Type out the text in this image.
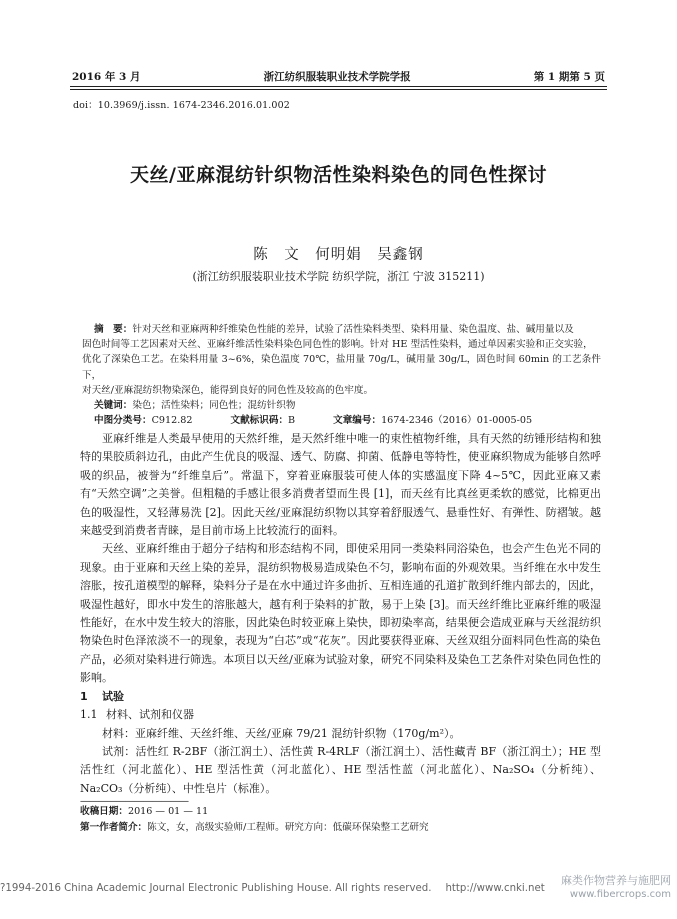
2016 年 3 月	浙江纺织服装职业技术学院学报	第 1 期第 5 页
doi：10.3969/j.issn. 1674-2346.2016.01.002
天丝/亚麻混纺针织物活性染料染色的同色性探讨
陈　文　何明娟　吴鑫钢
(浙江纺织服装职业技术学院 纺织学院，浙江 宁波 315211)

摘　要：针对天丝和亚麻两种纤维染色性能的差异，试验了活性染料类型、染料用量、染色温度、盐、碱用量以及

固色时间等工艺因素对天丝、亚麻纤维活性染料染色同色性的影响。针对 HE 型活性染料，通过单因素实验和正交实验，

优化了深染色工艺。在染料用量 3~6%，染色温度 70℃，盐用量 70g/L，碱用量 30g/L，固色时间 60min 的工艺条件下，

对天丝/亚麻混纺织物染深色，能得到良好的同色性及较高的色牢度。

关键词：染色；活性染料；同色性；混纺针织物

中图分类号：C912.82	文献标识码：B	文章编号：1674-2346（2016）01-0005-05

亚麻纤维是人类最早使用的天然纤维，是天然纤维中唯一的束性植物纤维，具有天然的纺锤形结构和独特的果胶质斜边孔，由此产生优良的吸湿、透气、防腐、抑菌、低静电等特性，使亚麻织物成为能够自然呼吸的织品，被誉为“纤维皇后”。常温下，穿着亚麻服装可使人体的实感温度下降 4~5℃，因此亚麻又素有“天然空调”之美誉。但粗糙的手感让很多消费者望而生畏 [1]，而天丝有比真丝更柔软的感觉，比棉更出色的吸湿性，又轻薄易洗 [2]。因此天丝/亚麻混纺织物以其穿着舒服透气、悬垂性好、有弹性、防褶皱。越来越受到消费者青睐，是目前市场上比较流行的面料。

天丝、亚麻纤维由于超分子结构和形态结构不同，即使采用同一类染料同浴染色，也会产生色光不同的现象。由于亚麻和天丝上染的差异，混纺织物极易造成染色不匀，影响布面的外观效果。当纤维在水中发生溶胀，按孔道模型的解释，染料分子是在水中通过许多曲折、互相连通的孔道扩散到纤维内部去的，因此，吸湿性越好，即水中发生的溶胀越大，越有利于染料的扩散，易于上染 [3]。而天丝纤维比亚麻纤维的吸湿性能好，在水中发生较大的溶胀，因此染色时较亚麻上染快，即初染率高，结果便会造成亚麻与天丝混纺织物染色时色泽浓淡不一的现象，表现为“白芯”或“花灰”。因此要获得亚麻、天丝双组分面料同色性高的染色产品，必须对染料进行筛选。本项目以天丝/亚麻为试验对象，研究不同染料及染色工艺条件对染色同色性的影响。

1 试验

1.1 材料、试剂和仪器

材料：亚麻纤维、天丝纤维、天丝/亚麻 79/21 混纺针织物（170g/m²）。

试剂：活性红 R-2BF（浙江润土）、活性黄 R-4RLF（浙江润土）、活性藏青 BF（浙江润土）；HE 型活性红（河北蓝化）、HE 型活性黄（河北蓝化）、HE 型活性蓝（河北蓝化）、Na₂SO₄（分析纯）、Na₂CO₃（分析纯）、中性皂片（标准）。

————————————
收稿日期：2016 — 01 — 11
第一作者简介：陈文，女，高级实验师/工程师。研究方向：低碳环保染整工艺研究
?1994-2016 China Academic Journal Electronic Publishing House. All rights reserved. http://www.cnki.net
麻类作物营养与施肥网
www.fibercrops.com
